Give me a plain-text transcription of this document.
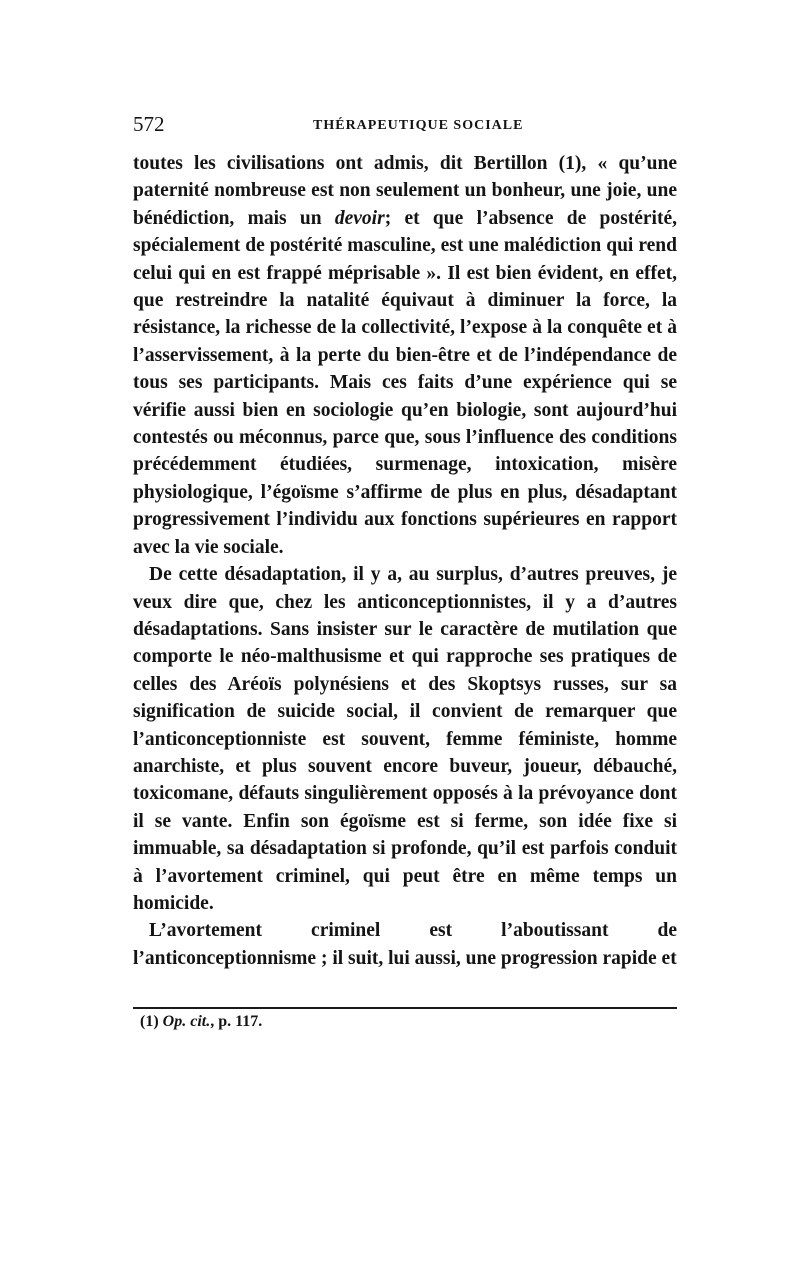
572	THÉRAPEUTIQUE SOCIALE

toutes les civilisations ont admis, dit Bertillon (1), « qu’une paternité nombreuse est non seulement un bonheur, une joie, une bénédiction, mais un devoir; et que l’absence de postérité, spécialement de postérité masculine, est une malédiction qui rend celui qui en est frappé méprisable ». Il est bien évident, en effet, que restreindre la natalité équivaut à diminuer la force, la résistance, la richesse de la collectivité, l’expose à la conquête et à l’asservissement, à la perte du bien-être et de l’indépendance de tous ses participants. Mais ces faits d’une expérience qui se vérifie aussi bien en sociologie qu’en biologie, sont aujourd’hui contestés ou méconnus, parce que, sous l’influence des conditions précédemment étudiées, surmenage, intoxication, misère physiologique, l’égoïsme s’affirme de plus en plus, désadaptant progressivement l’individu aux fonctions supérieures en rapport avec la vie sociale.

De cette désadaptation, il y a, au surplus, d’autres preuves, je veux dire que, chez les anticonceptionnistes, il y a d’autres désadaptations. Sans insister sur le caractère de mutilation que comporte le néo-malthusisme et qui rapproche ses pratiques de celles des Aréoïs polynésiens et des Skoptsys russes, sur sa signification de suicide social, il convient de remarquer que l’anticonceptionniste est souvent, femme féministe, homme anarchiste, et plus souvent encore buveur, joueur, débauché, toxicomane, défauts singulièrement opposés à la prévoyance dont il se vante. Enfin son égoïsme est si ferme, son idée fixe si immuable, sa désadaptation si profonde, qu’il est parfois conduit à l’avortement criminel, qui peut être en même temps un homicide.

L’avortement criminel est l’aboutissant de l’anticonceptionnisme ; il suit, lui aussi, une progression rapide et

(1) Op. cit., p. 117.
